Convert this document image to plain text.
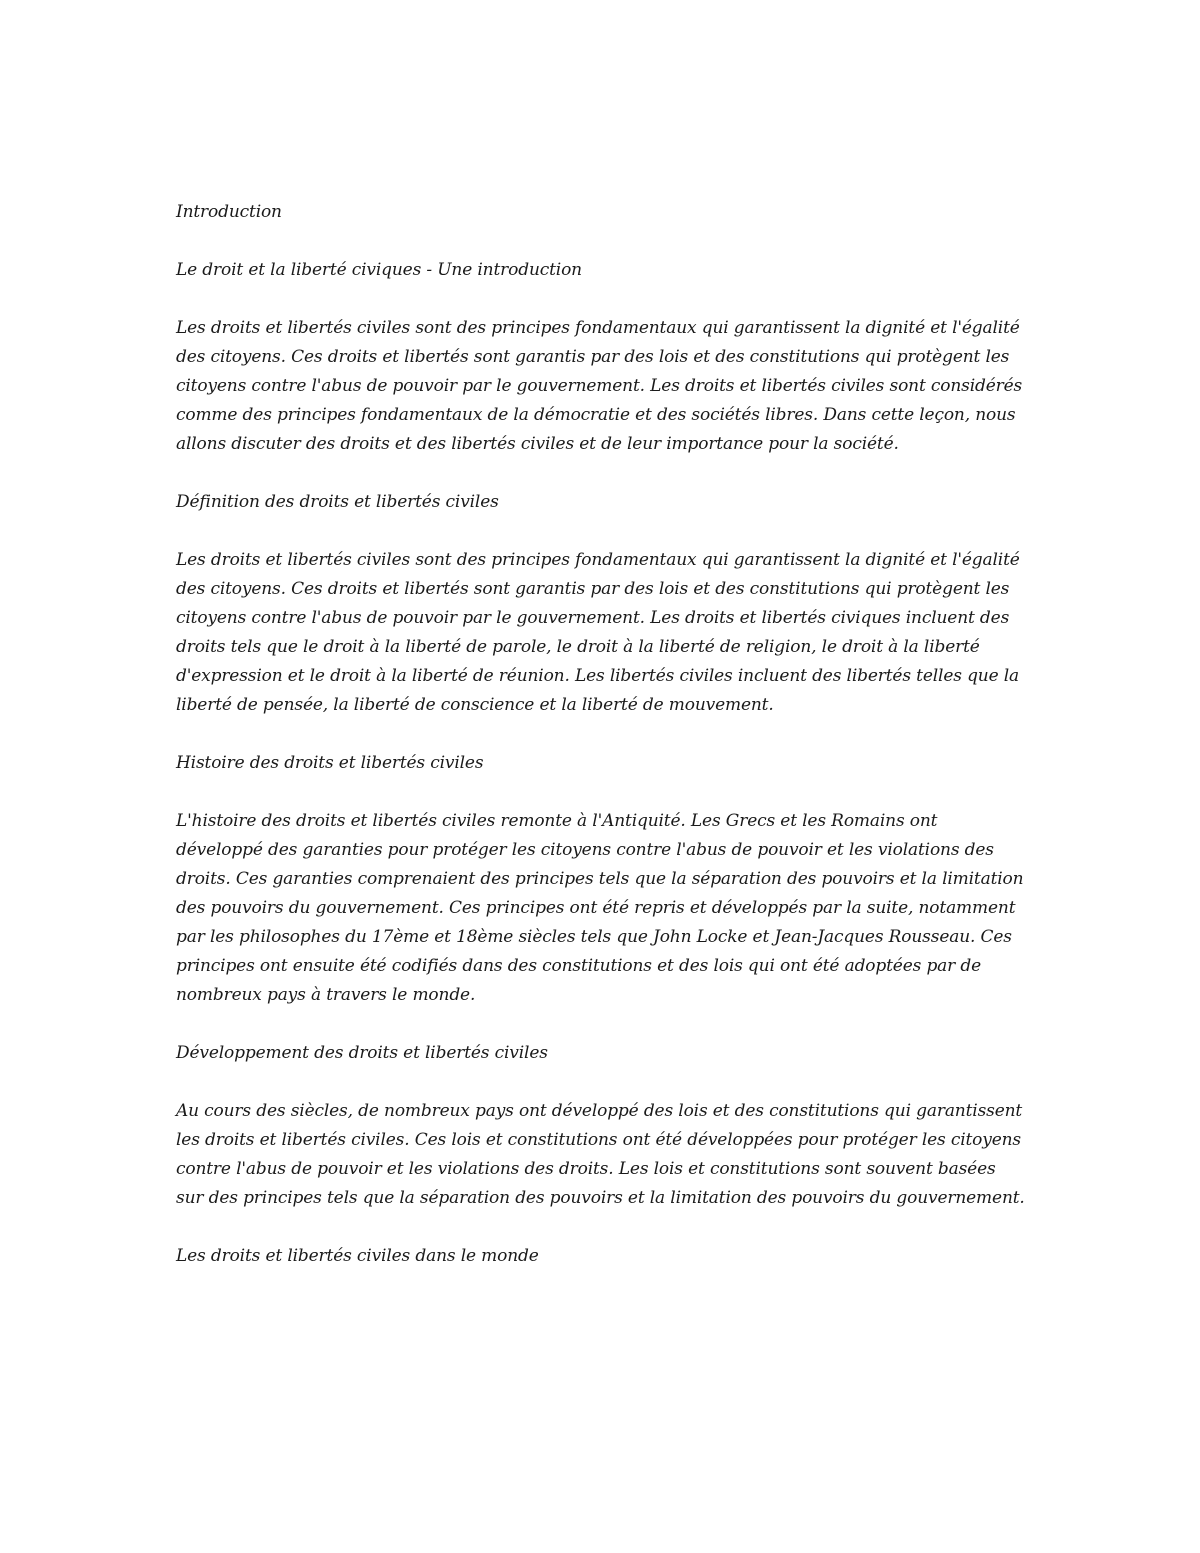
Introduction

Le droit et la liberté civiques - Une introduction

Les droits et libertés civiles sont des principes fondamentaux qui garantissent la dignité et l'égalité des citoyens. Ces droits et libertés sont garantis par des lois et des constitutions qui protègent les citoyens contre l'abus de pouvoir par le gouvernement. Les droits et libertés civiles sont considérés comme des principes fondamentaux de la démocratie et des sociétés libres. Dans cette leçon, nous allons discuter des droits et des libertés civiles et de leur importance pour la société.

Définition des droits et libertés civiles

Les droits et libertés civiles sont des principes fondamentaux qui garantissent la dignité et l'égalité des citoyens. Ces droits et libertés sont garantis par des lois et des constitutions qui protègent les citoyens contre l'abus de pouvoir par le gouvernement. Les droits et libertés civiques incluent des droits tels que le droit à la liberté de parole, le droit à la liberté de religion, le droit à la liberté d'expression et le droit à la liberté de réunion. Les libertés civiles incluent des libertés telles que la liberté de pensée, la liberté de conscience et la liberté de mouvement.

Histoire des droits et libertés civiles

L'histoire des droits et libertés civiles remonte à l'Antiquité. Les Grecs et les Romains ont développé des garanties pour protéger les citoyens contre l'abus de pouvoir et les violations des droits. Ces garanties comprenaient des principes tels que la séparation des pouvoirs et la limitation des pouvoirs du gouvernement. Ces principes ont été repris et développés par la suite, notamment par les philosophes du 17ème et 18ème siècles tels que John Locke et Jean-Jacques Rousseau. Ces principes ont ensuite été codifiés dans des constitutions et des lois qui ont été adoptées par de nombreux pays à travers le monde.

Développement des droits et libertés civiles

Au cours des siècles, de nombreux pays ont développé des lois et des constitutions qui garantissent les droits et libertés civiles. Ces lois et constitutions ont été développées pour protéger les citoyens contre l'abus de pouvoir et les violations des droits. Les lois et constitutions sont souvent basées sur des principes tels que la séparation des pouvoirs et la limitation des pouvoirs du gouvernement.

Les droits et libertés civiles dans le monde
